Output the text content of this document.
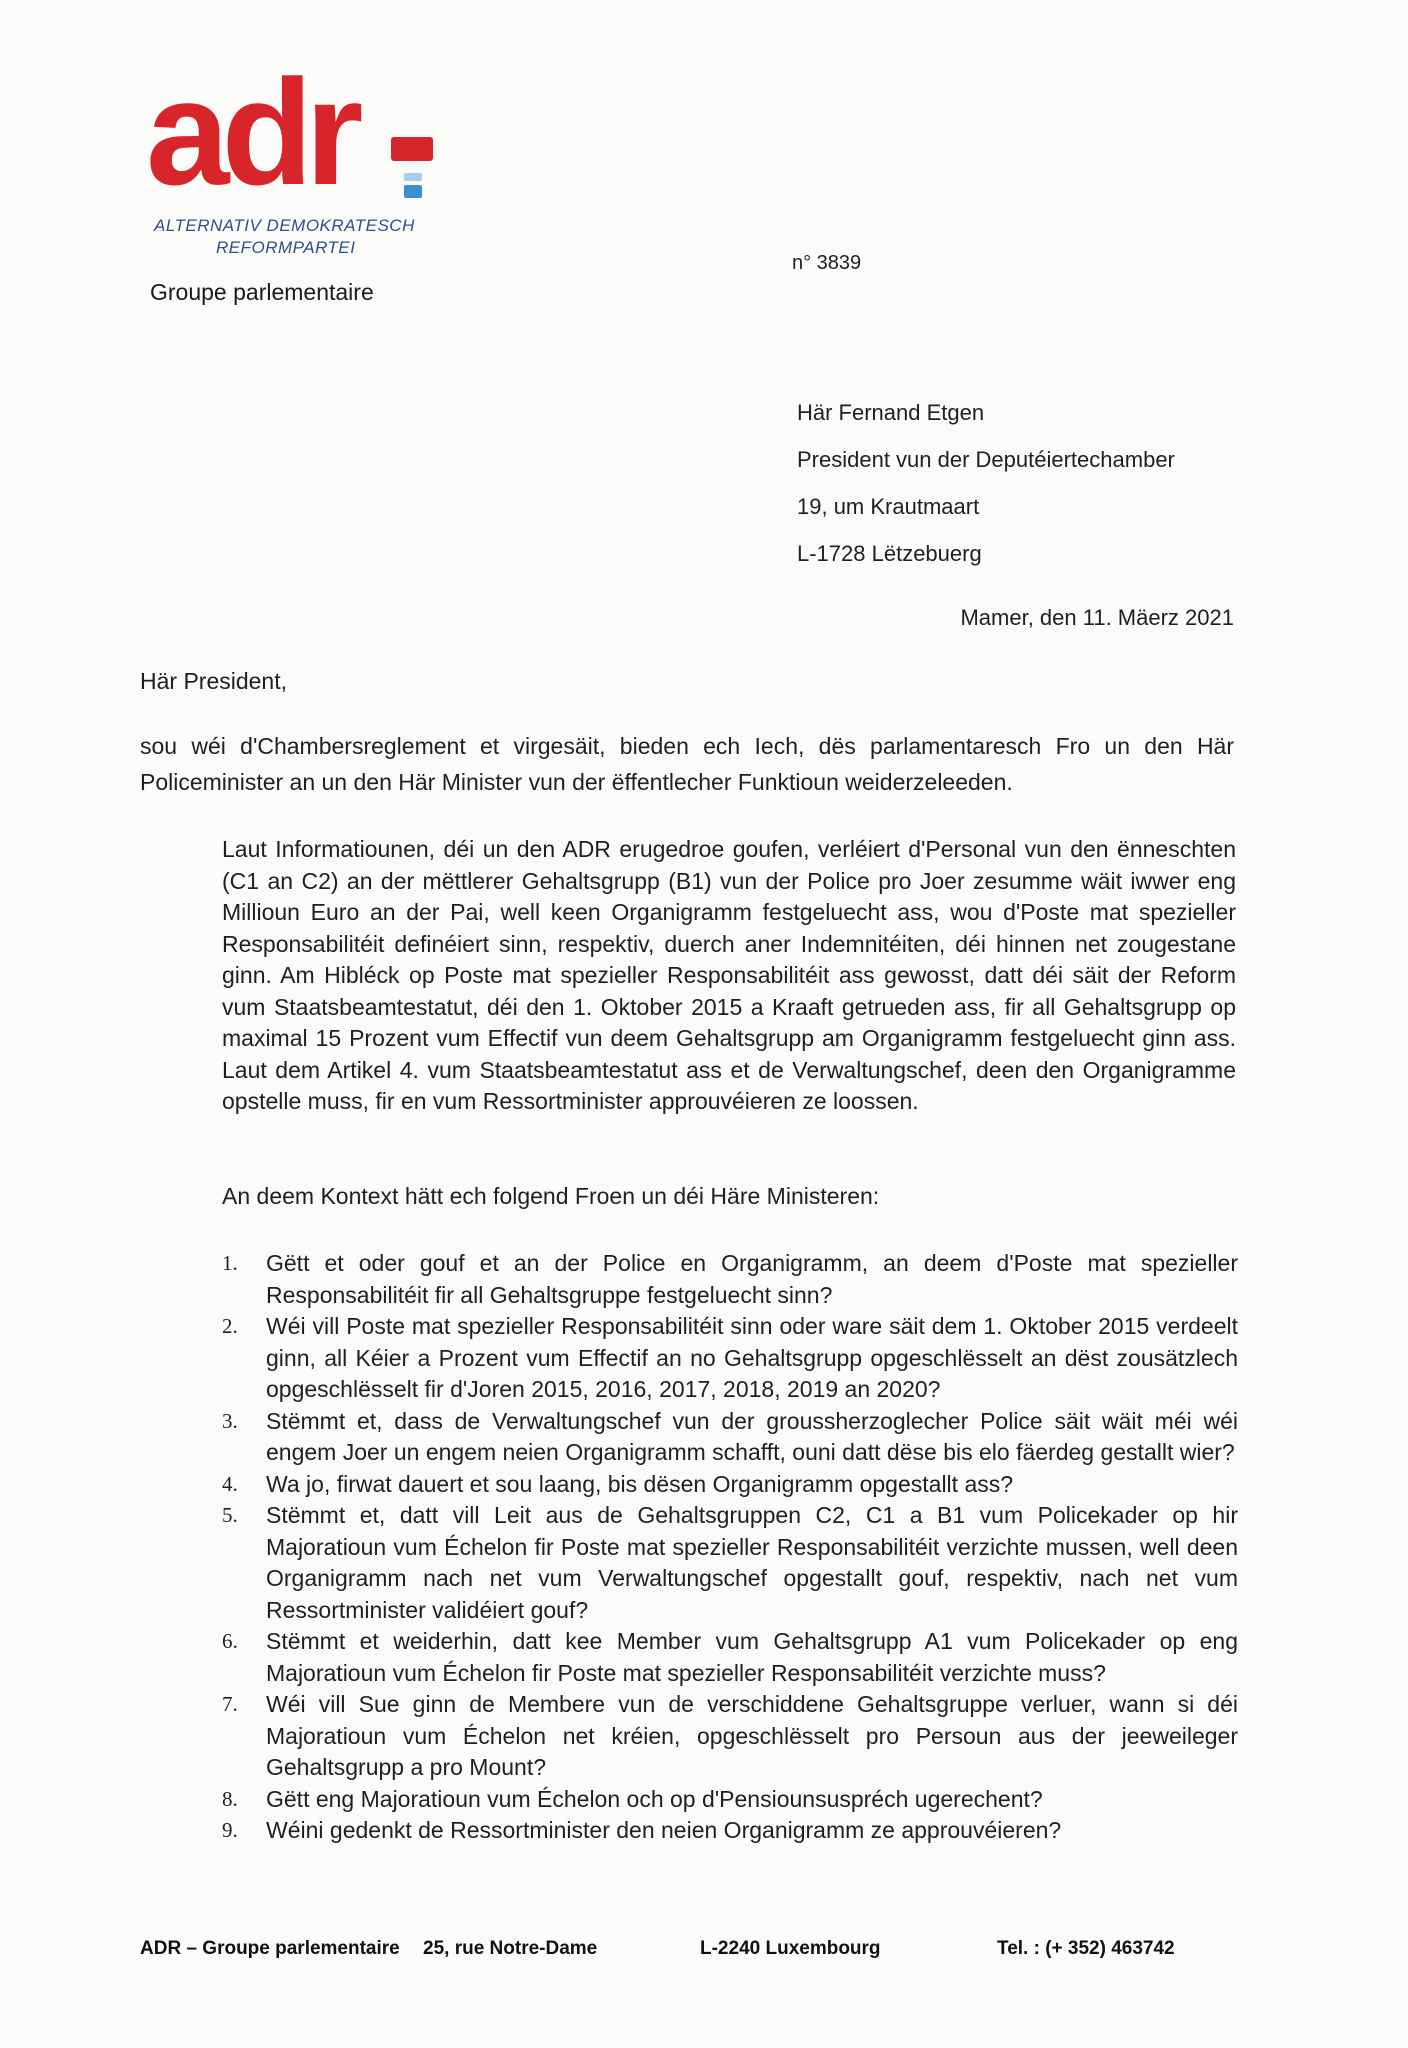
adr
ALTERNATIV DEMOKRATESCH
REFORMPARTEI
Groupe parlementaire
n° 3839
Här Fernand Etgen
President vun der Deputéiertechamber
19, um Krautmaart
L-1728 Lëtzebuerg
Mamer, den 11. Mäerz 2021
Här President,
sou wéi d'Chambersreglement et virgesäit, bieden ech Iech, dës parlamentaresch Fro un den Här Policeminister an un den Här Minister vun der ëffentlecher Funktioun weiderzeleeden.
Laut Informatiounen, déi un den ADR erugedroe goufen, verléiert d'Personal vun den ënneschten (C1 an C2) an der mëttlerer Gehaltsgrupp (B1) vun der Police pro Joer zesumme wäit iwwer eng Millioun Euro an der Pai, well keen Organigramm festgeluecht ass, wou d'Poste mat spezieller Responsabilitéit definéiert sinn, respektiv, duerch aner Indemnitéiten, déi hinnen net zougestane ginn. Am Hibléck op Poste mat spezieller Responsabilitéit ass gewosst, datt déi säit der Reform vum Staatsbeamtestatut, déi den 1. Oktober 2015 a Kraaft getrueden ass, fir all Gehaltsgrupp op maximal 15 Prozent vum Effectif vun deem Gehaltsgrupp am Organigramm festgeluecht ginn ass. Laut dem Artikel 4. vum Staatsbeamtestatut ass et de Verwaltungschef, deen den Organigramme opstelle muss, fir en vum Ressortminister approuvéieren ze loossen.
An deem Kontext hätt ech folgend Froen un déi Häre Ministeren:
1. Gëtt et oder gouf et an der Police en Organigramm, an deem d'Poste mat spezieller Responsabilitéit fir all Gehaltsgruppe festgeluecht sinn?
2. Wéi vill Poste mat spezieller Responsabilitéit sinn oder ware säit dem 1. Oktober 2015 verdeelt ginn, all Kéier a Prozent vum Effectif an no Gehaltsgrupp opgeschlësselt an dëst zousätzlech opgeschlësselt fir d'Joren 2015, 2016, 2017, 2018, 2019 an 2020?
3. Stëmmt et, dass de Verwaltungschef vun der groussherzoglecher Police säit wäit méi wéi engem Joer un engem neien Organigramm schafft, ouni datt dëse bis elo fäerdeg gestallt wier?
4. Wa jo, firwat dauert et sou laang, bis dësen Organigramm opgestallt ass?
5. Stëmmt et, datt vill Leit aus de Gehaltsgruppen C2, C1 a B1 vum Policekader op hir Majoratioun vum Échelon fir Poste mat spezieller Responsabilitéit verzichte mussen, well deen Organigramm nach net vum Verwaltungschef opgestallt gouf, respektiv, nach net vum Ressortminister validéiert gouf?
6. Stëmmt et weiderhin, datt kee Member vum Gehaltsgrupp A1 vum Policekader op eng Majoratioun vum Échelon fir Poste mat spezieller Responsabilitéit verzichte muss?
7. Wéi vill Sue ginn de Membere vun de verschiddene Gehaltsgruppe verluer, wann si déi Majoratioun vum Échelon net kréien, opgeschlësselt pro Persoun aus der jeeweileger Gehaltsgrupp a pro Mount?
8. Gëtt eng Majoratioun vum Échelon och op d'Pensiounsuspréch ugerechent?
9. Wéini gedenkt de Ressortminister den neien Organigramm ze approuvéieren?
ADR – Groupe parlementaire 25, rue Notre-Dame	L-2240 Luxembourg	Tel. : (+ 352) 463742
